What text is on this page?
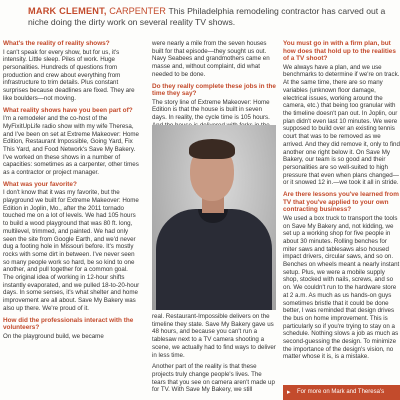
MARK CLEMENT, CARPENTER This Philadelphia remodeling contractor has carved out a niche doing the dirty work on several reality TV shows.
What's the reality of reality shows?
I can't speak for every show, but for us, it's intensity. Little sleep. Piles of work. Huge personalities. Hundreds of questions from production and crew about everything from infrastructure to trim details. Plus constant surprises because deadlines are fixed. They are like boulders—not moving.
What reality shows have you been part of?
I'm a remodeler and the co-host of the MyFixitUpLife radio show with my wife Theresa, and I've been on set at Extreme Makeover: Home Edition, Restaurant Impossible, Going Yard, Fix This Yard, and Food Network's Save My Bakery. I've worked on these shows in a number of capacities: sometimes as a carpenter, other times as a contractor or project manager.
What was your favorite?
I don't know that it was my favorite, but the playground we built for Extreme Makeover: Home Edition in Joplin, Mo., after the 2011 tornado touched me on a lot of levels. We had 105 hours to build a wood playground that was 80 ft. long, multilevel, trimmed, and painted. We had only seen the site from Google Earth, and we'd never dug a footing hole in Missouri before. It's mostly rocks with some dirt in between. I've never seen so many people work so hard, be so kind to one another, and pull together for a common goal. The original idea of working in 12-hour shifts instantly evaporated, and we pulled 18-to-20-hour days. In some senses, it's what shelter and home improvement are all about. Save My Bakery was also up there. We're proud of it.
How did the professionals interact with the volunteers?
On the playground build, we became
were nearly a mile from the seven houses built for that episode—they sought us out. Navy Seabees and grandmothers came en masse and, without complaint, did what needed to be done.
Do they really complete these jobs in the time they say?
The story line of Extreme Makeover: Home Edition is that the house is built in seven days. In reality, the cycle time is 105 hours.
real. Restaurant-Impossible delivers on the timeline they state. Save My Bakery gave us 48 hours, and because you can't run a tablesaw next to a TV camera shooting a scene, we actually had to find ways to deliver in less time.
Another part of the reality is that these projects truly change people's lives. The tears that you see on camera aren't made up for TV. With Save My Bakery, we still
You must go in with a firm plan, but how does that hold up to the realities of a TV shoot?
We always have a plan, and we use benchmarks to determine if we're on track. At the same time, there are so many variables (unknown floor damage, electrical issues, working around the camera, etc.) that being too granular with the timeline doesn't pan out. In Joplin, our plan didn't even last 10 minutes. We were supposed to build over an existing tennis court that was to be removed as we arrived. And they did remove it, only to find another one right below it. On Save My Bakery, our team is so good and their personalities are so well-suited to high pressure that even when plans changed—or it snowed 12 in.—we took it all in stride.
Are there lessons you've learned from TV that you've applied to your own contracting business?
We used a box truck to transport the tools on Save My Bakery and, not kidding, we set up a working shop for five people in about 30 minutes. Rolling benches for miter saws and tablesaws also housed impact drivers, circular saws, and so on. Benches on wheels meant a nearly instant setup. Plus, we were a mobile supply shop, stocked with nails, screws, and so on. We couldn't run to the hardware store at 2 a.m. As much as us hands-on guys sometimes bristle that it could be done better, I was reminded that design drives the bus on home improvement. This is particularly so if you're trying to stay on a schedule. Nothing slows a job as much as second-guessing the design. To minimize the importance of the design's vision, no matter whose it is, is a mistake.
▸ For more on Mark and Theresa's
